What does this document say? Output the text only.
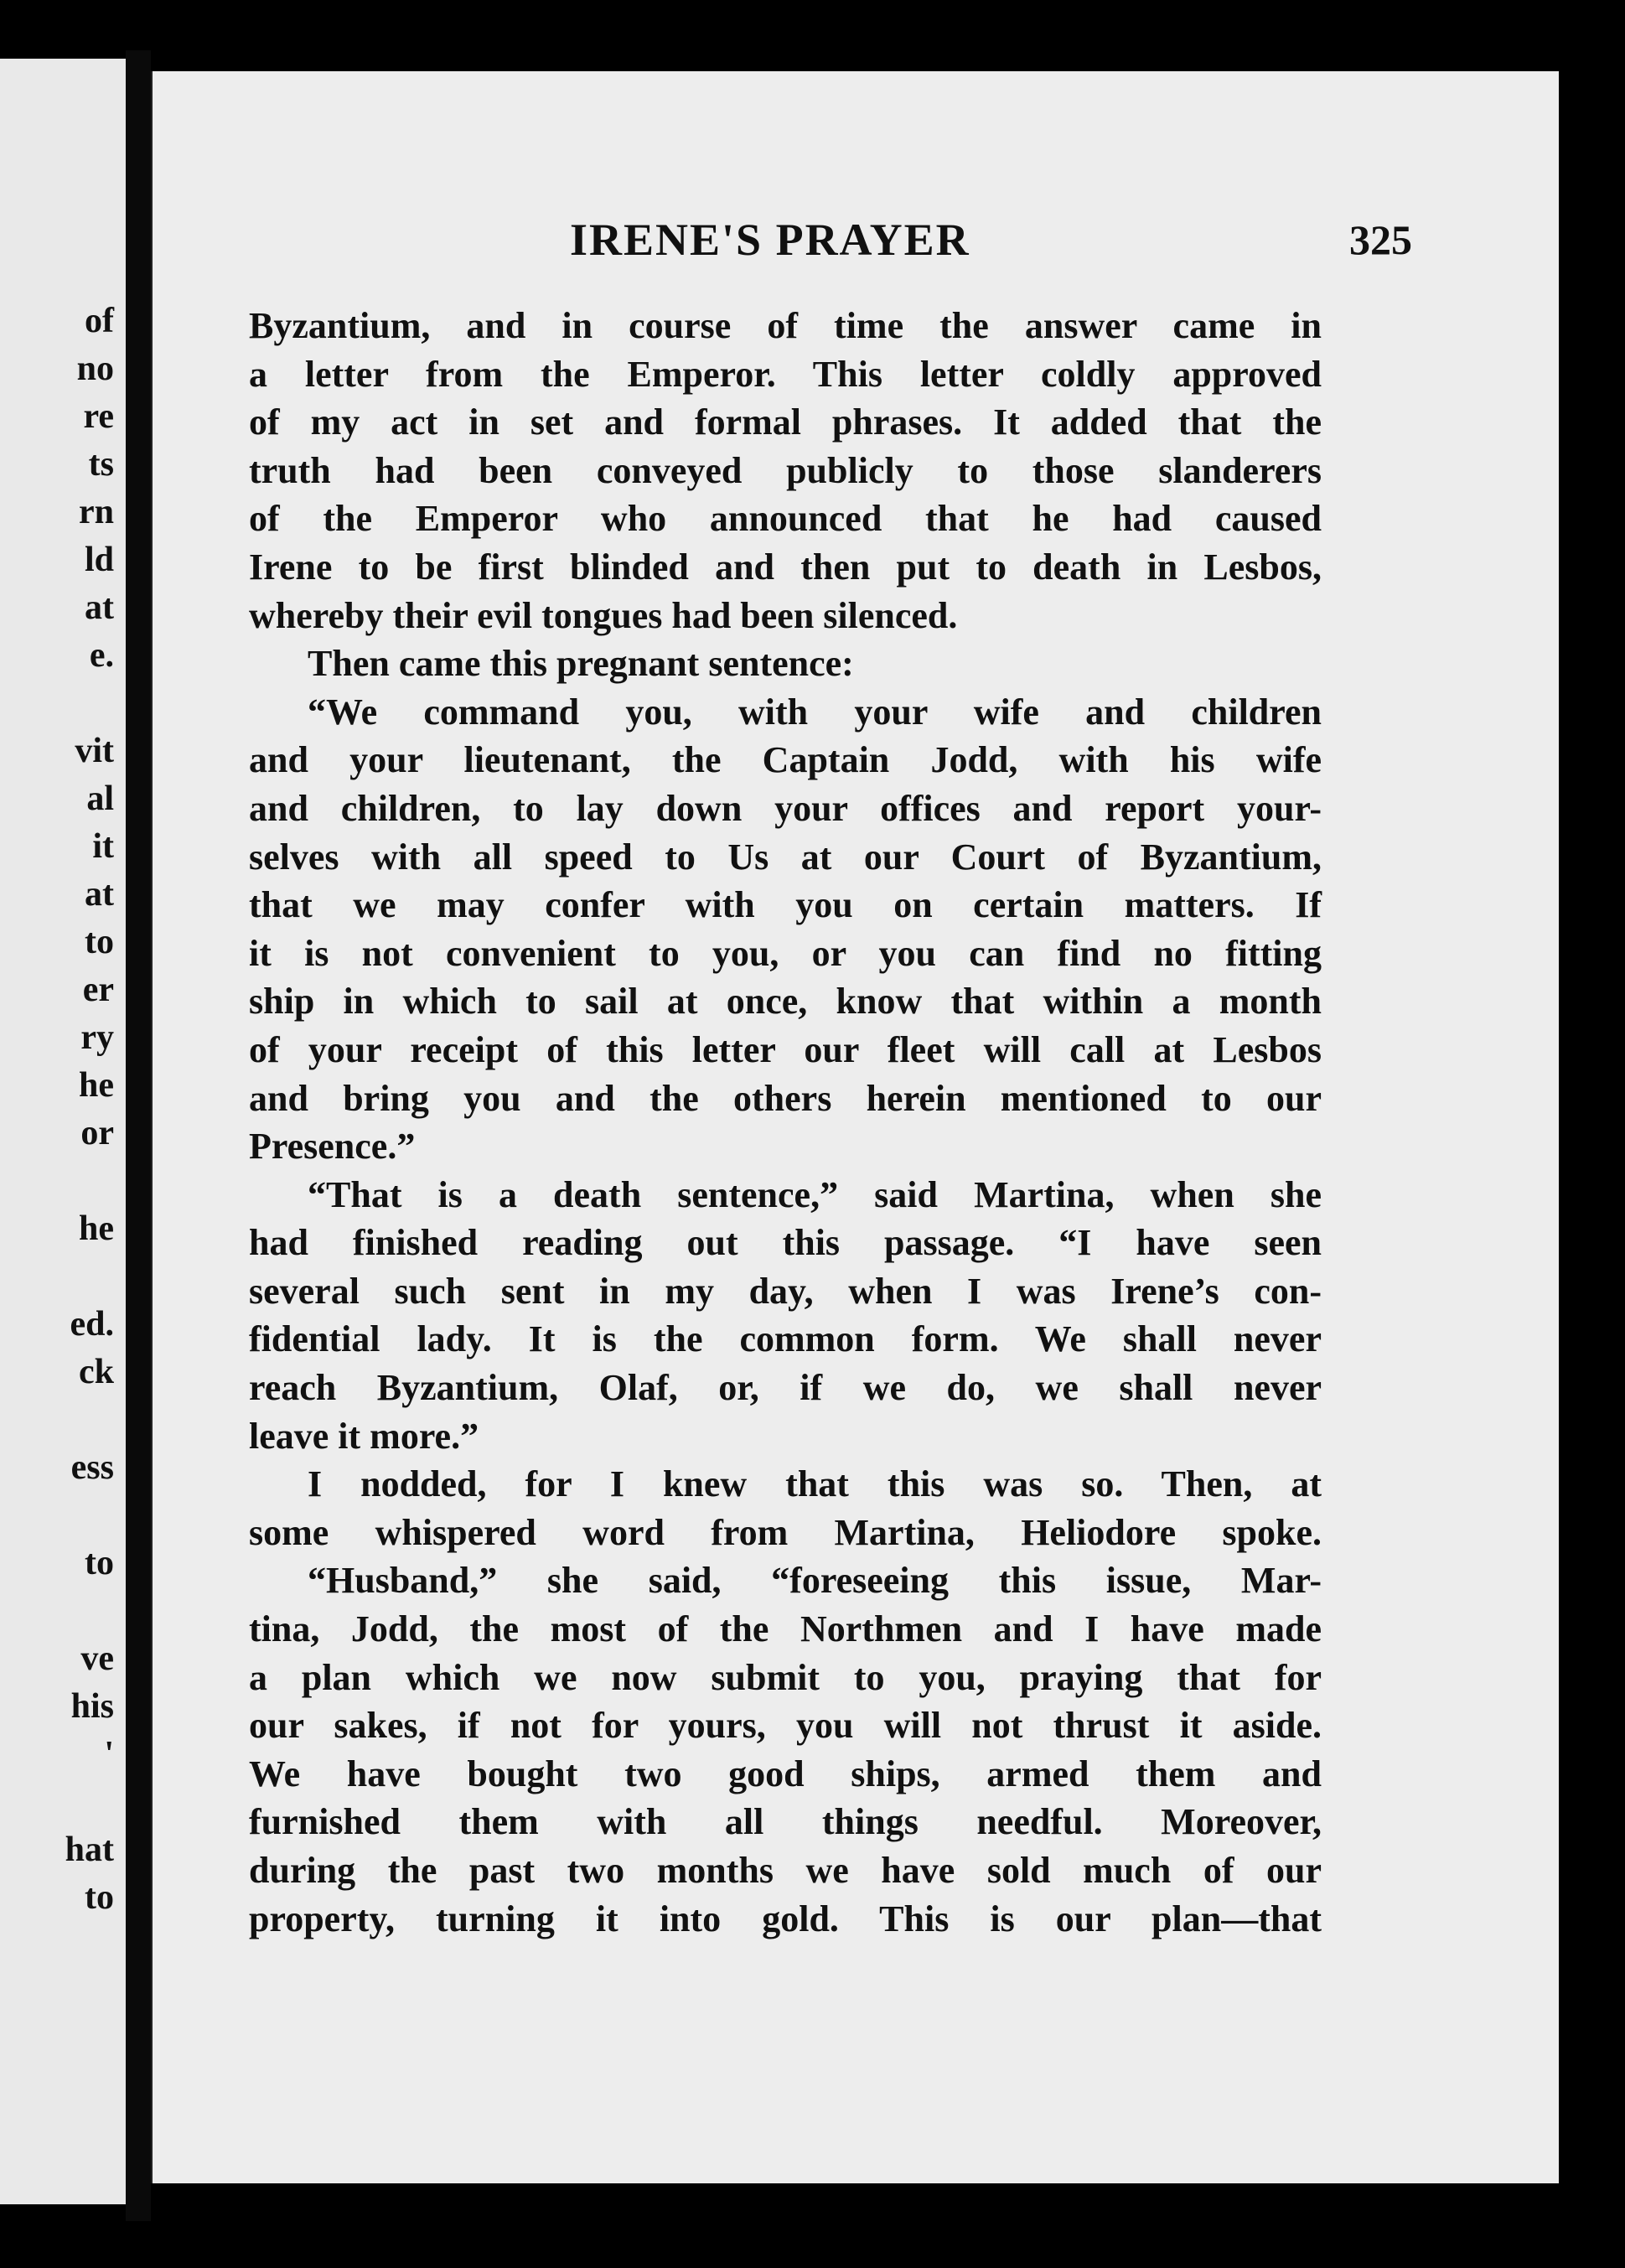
of
no
re
ts
rn
ld
at
e.
vit
al
it
at
to
er
ry
he
or
he
ed.
ck
ess
to
ve
his
'
hat
to
IRENE'S PRAYER	325
Byzantium, and in course of time the answer came in
a letter from the Emperor. This letter coldly approved
of my act in set and formal phrases. It added that the
truth had been conveyed publicly to those slanderers
of the Emperor who announced that he had caused
Irene to be first blinded and then put to death in Lesbos,
whereby their evil tongues had been silenced.
Then came this pregnant sentence:
“We command you, with your wife and children
and your lieutenant, the Captain Jodd, with his wife
and children, to lay down your offices and report your-
selves with all speed to Us at our Court of Byzantium,
that we may confer with you on certain matters. If
it is not convenient to you, or you can find no fitting
ship in which to sail at once, know that within a month
of your receipt of this letter our fleet will call at Lesbos
and bring you and the others herein mentioned to our
Presence.”
“That is a death sentence,” said Martina, when she
had finished reading out this passage. “I have seen
several such sent in my day, when I was Irene’s con-
fidential lady. It is the common form. We shall never
reach Byzantium, Olaf, or, if we do, we shall never
leave it more.”
I nodded, for I knew that this was so. Then, at
some whispered word from Martina, Heliodore spoke.
“Husband,” she said, “foreseeing this issue, Mar-
tina, Jodd, the most of the Northmen and I have made
a plan which we now submit to you, praying that for
our sakes, if not for yours, you will not thrust it aside.
We have bought two good ships, armed them and
furnished them with all things needful. Moreover,
during the past two months we have sold much of our
property, turning it into gold. This is our plan—that
